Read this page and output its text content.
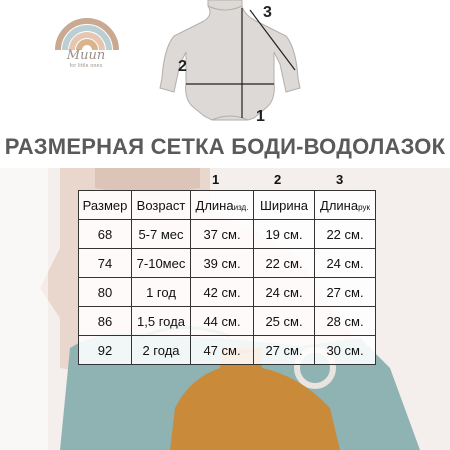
Muun
for little ones
3
2
1
РАЗМЕРНАЯ СЕТКА БОДИ-ВОДОЛАЗОК
1	2	3
Размер	Возраст	Длинаизд.	Ширина	Длинарук
68	5-7 мес	37 см.	19 см.	22 см.
74	7-10мес	39 см.	22 см.	24 см.
80	1 год	42 см.	24 см.	27 см.
86	1,5 года	44 см.	25 см.	28 см.
92	2 года	47 см.	27 см.	30 см.
